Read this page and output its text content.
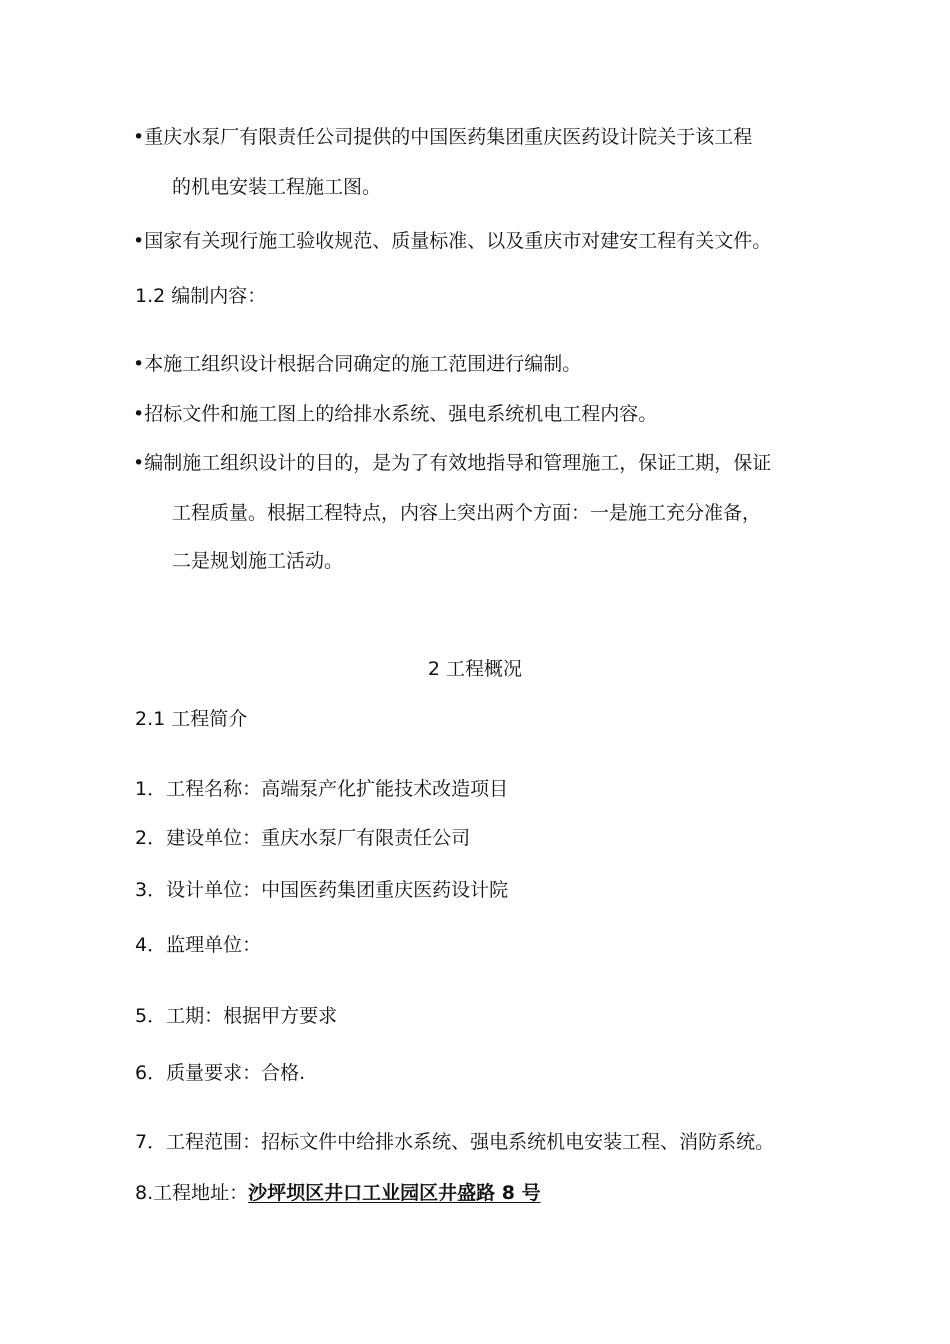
•重庆水泵厂有限责任公司提供的中国医药集团重庆医药设计院关于该工程
的机电安装工程施工图。
•国家有关现行施工验收规范、质量标准、以及重庆市对建安工程有关文件。
1.2 编制内容：
•本施工组织设计根据合同确定的施工范围进行编制。
•招标文件和施工图上的给排水系统、强电系统机电工程内容。
•编制施工组织设计的目的，是为了有效地指导和管理施工，保证工期，保证
工程质量。根据工程特点，内容上突出两个方面：一是施工充分准备，
二是规划施工活动。
2 工程概况
2.1 工程简介
1．工程名称：高端泵产化扩能技术改造项目
2．建设单位：重庆水泵厂有限责任公司
3．设计单位：中国医药集团重庆医药设计院
4．监理单位：
5．工期：根据甲方要求
6．质量要求：合格.
7．工程范围：招标文件中给排水系统、强电系统机电安装工程、消防系统。
8.工程地址：沙坪坝区井口工业园区井盛路 8 号
